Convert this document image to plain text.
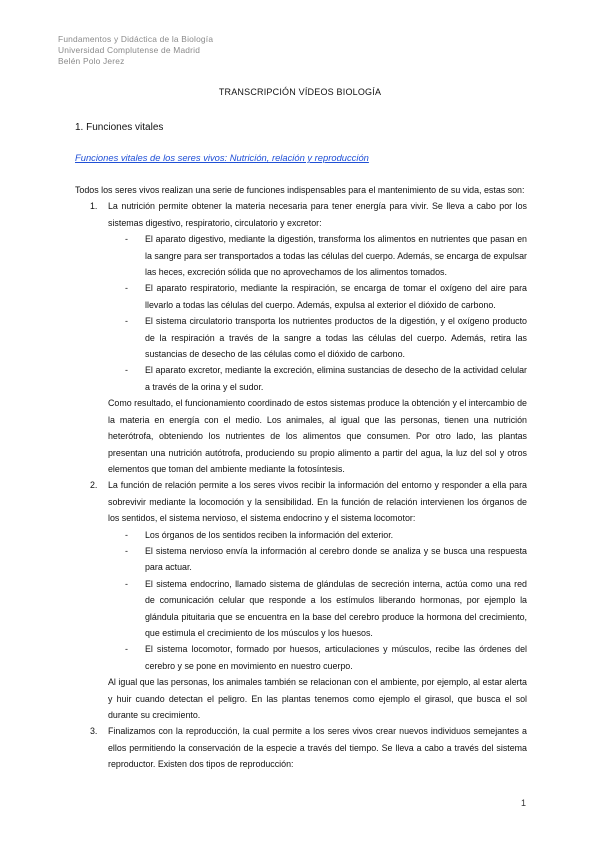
Fundamentos y Didáctica de la Biología
Universidad Complutense de Madrid
Belén Polo Jerez
TRANSCRIPCIÓN VÍDEOS BIOLOGÍA
1. Funciones vitales
Funciones vitales de los seres vivos: Nutrición, relación y reproducción

Todos los seres vivos realizan una serie de funciones indispensables para el mantenimiento de su vida, estas son:

1. La nutrición permite obtener la materia necesaria para tener energía para vivir. Se lleva a cabo por los sistemas digestivo, respiratorio, circulatorio y excretor:
- El aparato digestivo, mediante la digestión, transforma los alimentos en nutrientes que pasan en la sangre para ser transportados a todas las células del cuerpo. Además, se encarga de expulsar las heces, excreción sólida que no aprovechamos de los alimentos tomados.
- El aparato respiratorio, mediante la respiración, se encarga de tomar el oxígeno del aire para llevarlo a todas las células del cuerpo. Además, expulsa al exterior el dióxido de carbono.
- El sistema circulatorio transporta los nutrientes productos de la digestión, y el oxígeno producto de la respiración a través de la sangre a todas las células del cuerpo. Además, retira las sustancias de desecho de las células como el dióxido de carbono.
- El aparato excretor, mediante la excreción, elimina sustancias de desecho de la actividad celular a través de la orina y el sudor.
Como resultado, el funcionamiento coordinado de estos sistemas produce la obtención y el intercambio de la materia en energía con el medio. Los animales, al igual que las personas, tienen una nutrición heterótrofa, obteniendo los nutrientes de los alimentos que consumen. Por otro lado, las plantas presentan una nutrición autótrofa, produciendo su propio alimento a partir del agua, la luz del sol y otros elementos que toman del ambiente mediante la fotosíntesis.
2. La función de relación permite a los seres vivos recibir la información del entorno y responder a ella para sobrevivir mediante la locomoción y la sensibilidad. En la función de relación intervienen los órganos de los sentidos, el sistema nervioso, el sistema endocrino y el sistema locomotor:
- Los órganos de los sentidos reciben la información del exterior.
- El sistema nervioso envía la información al cerebro donde se analiza y se busca una respuesta para actuar.
- El sistema endocrino, llamado sistema de glándulas de secreción interna, actúa como una red de comunicación celular que responde a los estímulos liberando hormonas, por ejemplo la glándula pituitaria que se encuentra en la base del cerebro produce la hormona del crecimiento, que estimula el crecimiento de los músculos y los huesos.
- El sistema locomotor, formado por huesos, articulaciones y músculos, recibe las órdenes del cerebro y se pone en movimiento en nuestro cuerpo.
Al igual que las personas, los animales también se relacionan con el ambiente, por ejemplo, al estar alerta y huir cuando detectan el peligro. En las plantas tenemos como ejemplo el girasol, que busca el sol durante su crecimiento.
3. Finalizamos con la reproducción, la cual permite a los seres vivos crear nuevos individuos semejantes a ellos permitiendo la conservación de la especie a través del tiempo. Se lleva a cabo a través del sistema reproductor. Existen dos tipos de reproducción:
1
